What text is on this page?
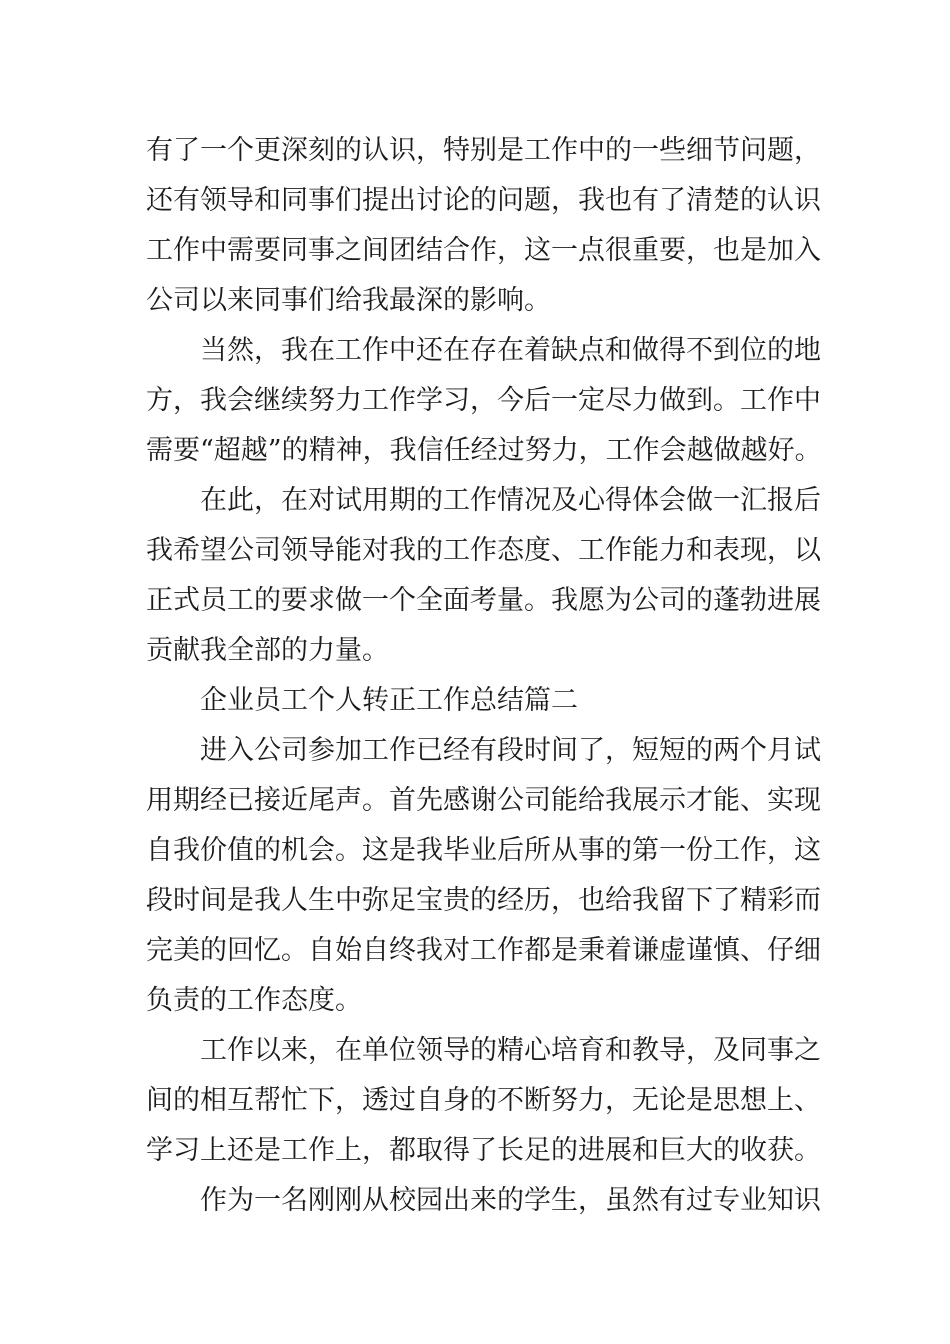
有了一个更深刻的认识，特别是工作中的一些细节问题，
还有领导和同事们提出讨论的问题，我也有了清楚的认识
工作中需要同事之间团结合作，这一点很重要，也是加入
公司以来同事们给我最深的影响。
当然，我在工作中还在存在着缺点和做得不到位的地
方，我会继续努力工作学习，今后一定尽力做到。工作中
需要“超越”的精神，我信任经过努力，工作会越做越好。
在此，在对试用期的工作情况及心得体会做一汇报后
我希望公司领导能对我的工作态度、工作能力和表现，以
正式员工的要求做一个全面考量。我愿为公司的蓬勃进展
贡献我全部的力量。
企业员工个人转正工作总结篇二
进入公司参加工作已经有段时间了，短短的两个月试
用期经已接近尾声。首先感谢公司能给我展示才能、实现
自我价值的机会。这是我毕业后所从事的第一份工作，这
段时间是我人生中弥足宝贵的经历，也给我留下了精彩而
完美的回忆。自始自终我对工作都是秉着谦虚谨慎、仔细
负责的工作态度。
工作以来，在单位领导的精心培育和教导，及同事之
间的相互帮忙下，透过自身的不断努力，无论是思想上、
学习上还是工作上，都取得了长足的进展和巨大的收获。
作为一名刚刚从校园出来的学生，虽然有过专业知识
